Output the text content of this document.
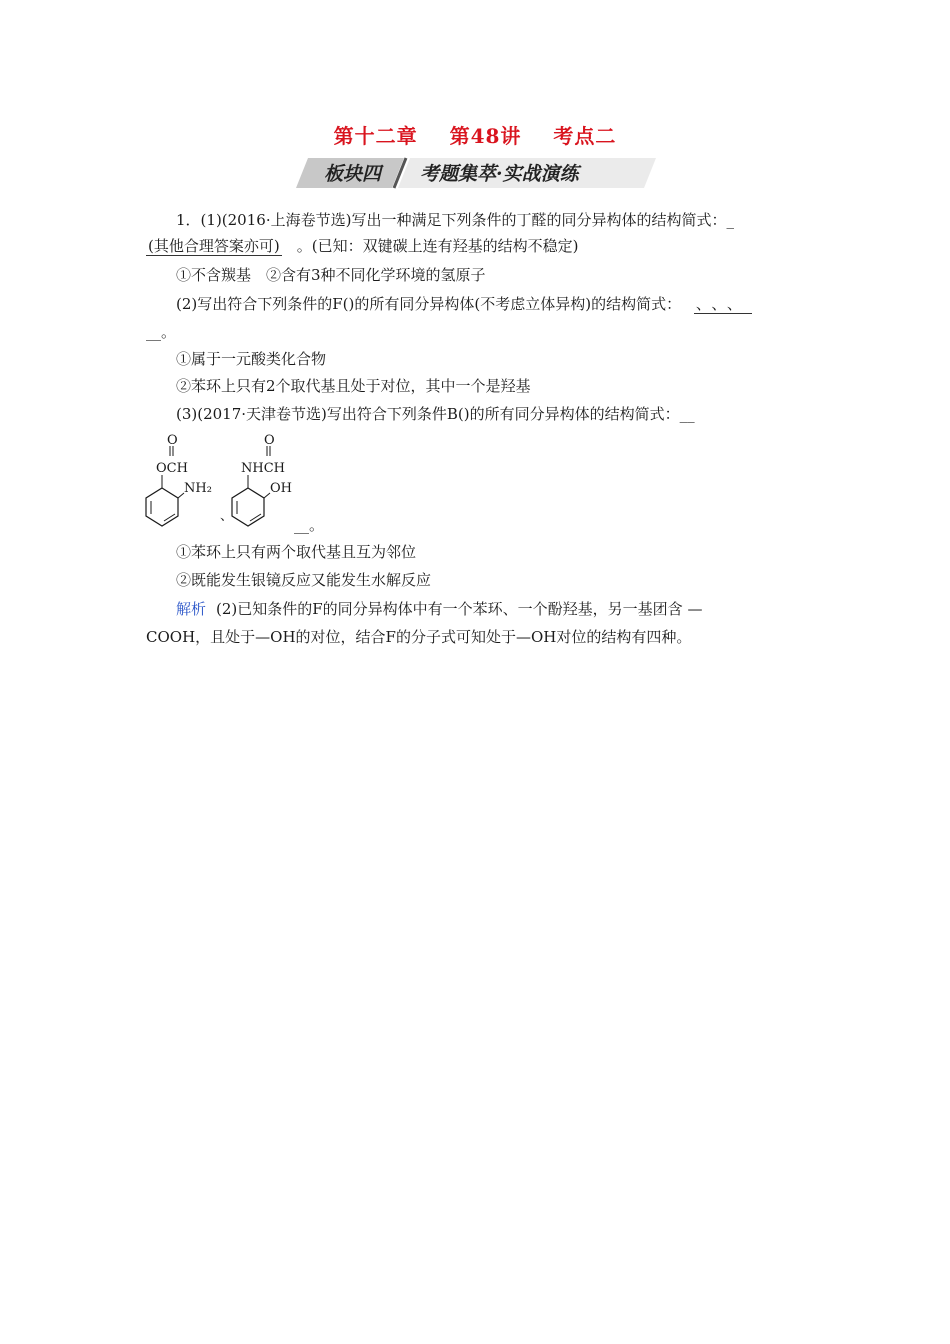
第十二章 第48讲 考点二
板块四 考题集萃·实战演练
1．(1)(2016·上海卷节选)写出一种满足下列条件的丁醛的同分异构体的结构简式：_
(其他合理答案亦可)　 。(已知：双键碳上连有羟基的结构不稳定)
①不含羰基　②含有3种不同化学环境的氢原子
(2)写出符合下列条件的F()的所有同分异构体(不考虑立体异构)的结构简式： 、、、
__。
①属于一元酸类化合物
②苯环上只有2个取代基且处于对位，其中一个是羟基
(3)(2017·天津卷节选)写出符合下列条件B()的所有同分异构体的结构简式：__
O
OCH
NH₂
、
O
NHCH
OH
__。
①苯环上只有两个取代基且互为邻位
②既能发生银镜反应又能发生水解反应
解析 (2)已知条件的F的同分异构体中有一个苯环、一个酚羟基，另一基团含 —
COOH，且处于—OH的对位，结合F的分子式可知处于—OH对位的结构有四种。
